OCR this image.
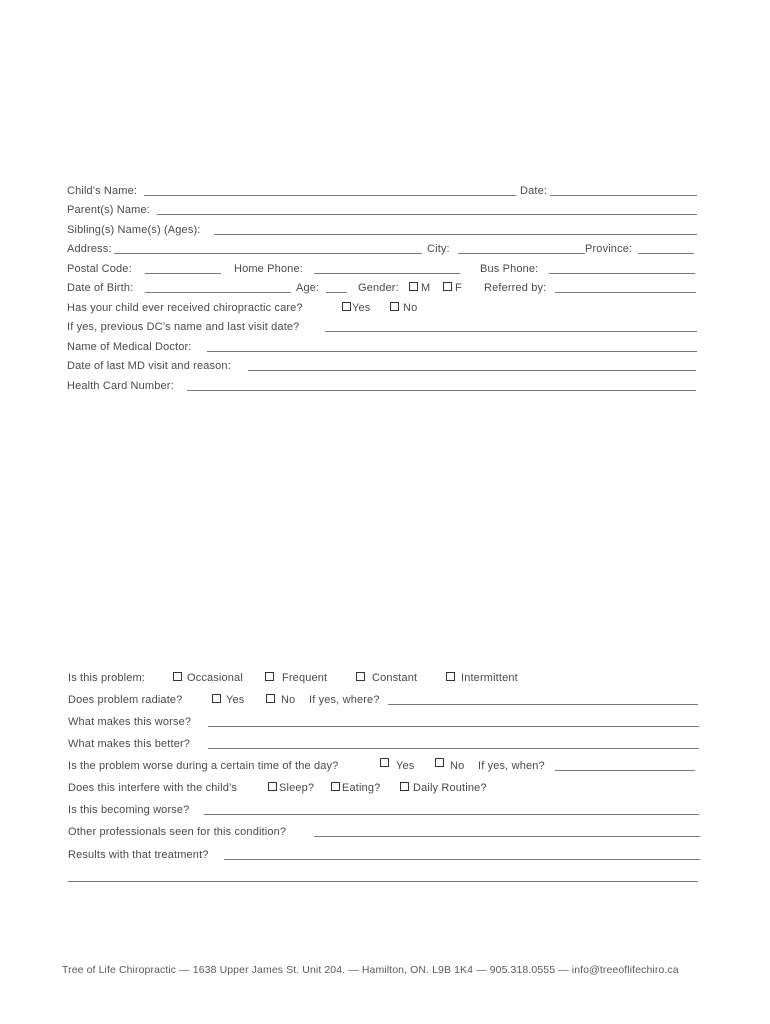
Child's Name:	Date:
Parent(s) Name:
Sibling(s) Name(s) (Ages):
Address:	City:	Province:
Postal Code:	Home Phone:	Bus Phone:
Date of Birth:	Age:	Gender: M F Referred by:
Has your child ever received chiropractic care?	Yes	No
If yes, previous DC’s name and last visit date?
Name of Medical Doctor:
Date of last MD visit and reason:
Health Card Number:
Is this problem:	Occasional	Frequent	Constant	Intermittent
Does problem radiate?	Yes	No If yes, where?
What makes this worse?
What makes this better?
Is the problem worse during a certain time of the day?	Yes	No If yes, when?
Does this interfere with the child’s	Sleep?	Eating?	Daily Routine?
Is this becoming worse?
Other professionals seen for this condition?
Results with that treatment?
Tree of Life Chiropractic — 1638 Upper James St. Unit 204. — Hamilton, ON. L9B 1K4 — 905.318.0555 — info@treeoflifechiro.ca
